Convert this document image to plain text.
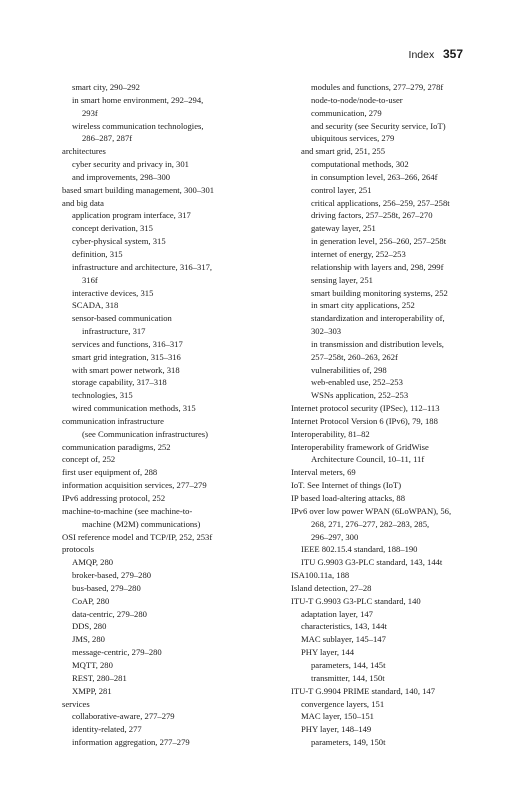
Index 357
smart city, 290–292
in smart home environment, 292–294,
293f
wireless communication technologies,
286–287, 287f
architectures
cyber security and privacy in, 301
and improvements, 298–300
based smart building management, 300–301
and big data
application program interface, 317
concept derivation, 315
cyber-physical system, 315
definition, 315
infrastructure and architecture, 316–317,
316f
interactive devices, 315
SCADA, 318
sensor-based communication
infrastructure, 317
services and functions, 316–317
smart grid integration, 315–316
with smart power network, 318
storage capability, 317–318
technologies, 315
wired communication methods, 315
communication infrastructure
(see Communication infrastructures)
communication paradigms, 252
concept of, 252
first user equipment of, 288
information acquisition services, 277–279
IPv6 addressing protocol, 252
machine-to-machine (see machine-to-
machine (M2M) communications)
OSI reference model and TCP/IP, 252, 253f
protocols
AMQP, 280
broker-based, 279–280
bus-based, 279–280
CoAP, 280
data-centric, 279–280
DDS, 280
JMS, 280
message-centric, 279–280
MQTT, 280
REST, 280–281
XMPP, 281
services
collaborative-aware, 277–279
identity-related, 277
information aggregation, 277–279
modules and functions, 277–279, 278f
node-to-node/node-to-user
communication, 279
and security (see Security service, IoT)
ubiquitous services, 279
and smart grid, 251, 255
computational methods, 302
in consumption level, 263–266, 264f
control layer, 251
critical applications, 256–259, 257–258t
driving factors, 257–258t, 267–270
gateway layer, 251
in generation level, 256–260, 257–258t
internet of energy, 252–253
relationship with layers and, 298, 299f
sensing layer, 251
smart building monitoring systems, 252
in smart city applications, 252
standardization and interoperability of,
302–303
in transmission and distribution levels,
257–258t, 260–263, 262f
vulnerabilities of, 298
web-enabled use, 252–253
WSNs application, 252–253
Internet protocol security (IPSec), 112–113
Internet Protocol Version 6 (IPv6), 79, 188
Interoperability, 81–82
Interoperability framework of GridWise
Architecture Council, 10–11, 11f
Interval meters, 69
IoT. See Internet of things (IoT)
IP based load-altering attacks, 88
IPv6 over low power WPAN (6LoWPAN), 56,
268, 271, 276–277, 282–283, 285,
296–297, 300
IEEE 802.15.4 standard, 188–190
ITU G.9903 G3-PLC standard, 143, 144t
ISA100.11a, 188
Island detection, 27–28
ITU-T G.9903 G3-PLC standard, 140
adaptation layer, 147
characteristics, 143, 144t
MAC sublayer, 145–147
PHY layer, 144
parameters, 144, 145t
transmitter, 144, 150t
ITU-T G.9904 PRIME standard, 140, 147
convergence layers, 151
MAC layer, 150–151
PHY layer, 148–149
parameters, 149, 150t
